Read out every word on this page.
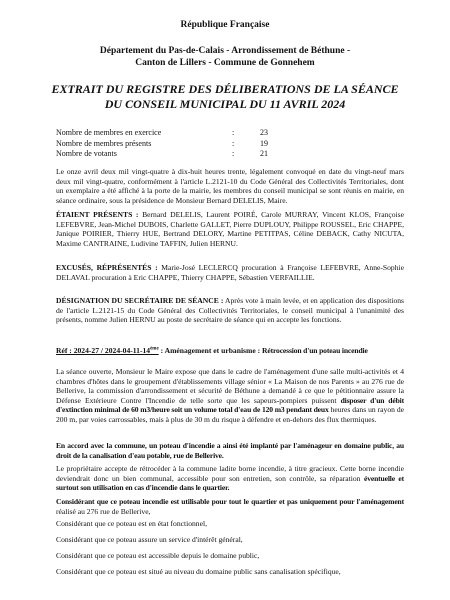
République Française

Département du Pas-de-Calais - Arrondissement de Béthune -
Canton de Lillers - Commune de Gonnehem
EXTRAIT DU REGISTRE DES DÉLIBERATIONS DE LA SÉANCE
DU CONSEIL MUNICIPAL DU 11 AVRIL 2024
Nombre de membres en exercice	:	23
Nombre de membres présents	:	19
Nombre de votants	:	21

Le onze avril deux mil vingt-quatre à dix-huit heures trente, légalement convoqué en date du vingt-neuf mars deux mil vingt-quatre, conformément à l'article L.2121-10 du Code Général des Collectivités Territoriales, dont un exemplaire a été affiché à la porte de la mairie, les membres du conseil municipal se sont réunis en mairie, en séance ordinaire, sous la présidence de Monsieur Bernard DELELIS, Maire.

ÉTAIENT PRÉSENTS : Bernard DELELIS, Laurent POIRÉ, Carole MURRAY, Vincent KLOS, Françoise LEFEBVRE, Jean-Michel DUBOIS, Charlette GALLET, Pierre DUPLOUY, Philippe ROUSSEL, Eric CHAPPE, Janique POIRIER, Thierry HUE, Bertrand DELORY, Martine PETITPAS, Céline DEBACK, Cathy NICUTA, Maxime CANTRAINE, Ludivine TAFFIN, Julien HERNU.

EXCUSÉS, RÉPRÉSENTÉS : Marie-José LECLERCQ procuration à Françoise LEFEBVRE, Anne-Sophie DELAVAL procuration à Eric CHAPPE, Thierry CHAPPE, Sébastien VERFAILLIE.

DÉSIGNATION DU SECRÉTAIRE DE SÉANCE : Après vote à main levée, et en application des dispositions de l'article L.2121-15 du Code Général des Collectivités Territoriales, le conseil municipal à l'unanimité des présents, nomme Julien HERNU au poste de secrétaire de séance qui en accepte les fonctions.

Réf : 2024-27 / 2024-04-11-14ème : Aménagement et urbanisme : Rétrocession d'un poteau incendie

La séance ouverte, Monsieur le Maire expose que dans le cadre de l'aménagement d'une salle multi-activités et 4 chambres d'hôtes dans le groupement d'établissements village sénior « La Maison de nos Parents » au 276 rue de Bellerive, la commission d'arrondissement et sécurité de Béthune a demandé à ce que le pétitionnaire assure la Défense Extérieure Contre l'Incendie de telle sorte que les sapeurs-pompiers puissent disposer d'un débit d'extinction minimal de 60 m3/heure soit un volume total d'eau de 120 m3 pendant deux heures dans un rayon de 200 m, par voies carrossables, mais à plus de 30 m du risque à défendre et en-dehors des flux thermiques.

En accord avec la commune, un poteau d'incendie a ainsi été implanté par l'aménageur en domaine public, au droit de la canalisation d'eau potable, rue de Bellerive.

Le propriétaire accepte de rétrocéder à la commune ladite borne incendie, à titre gracieux. Cette borne incendie deviendrait donc un bien communal, accessible pour son entretien, son contrôle, sa réparation éventuelle et surtout son utilisation en cas d'incendie dans le quartier.

Considérant que ce poteau incendie est utilisable pour tout le quartier et pas uniquement pour l'aménagement réalisé au 276 rue de Bellerive,

Considérant que ce poteau est en état fonctionnel,

Considérant que ce poteau assure un service d'intérêt général,

Considérant que ce poteau est accessible depuis le domaine public,

Considérant que ce poteau est situé au niveau du domaine public sans canalisation spécifique,
